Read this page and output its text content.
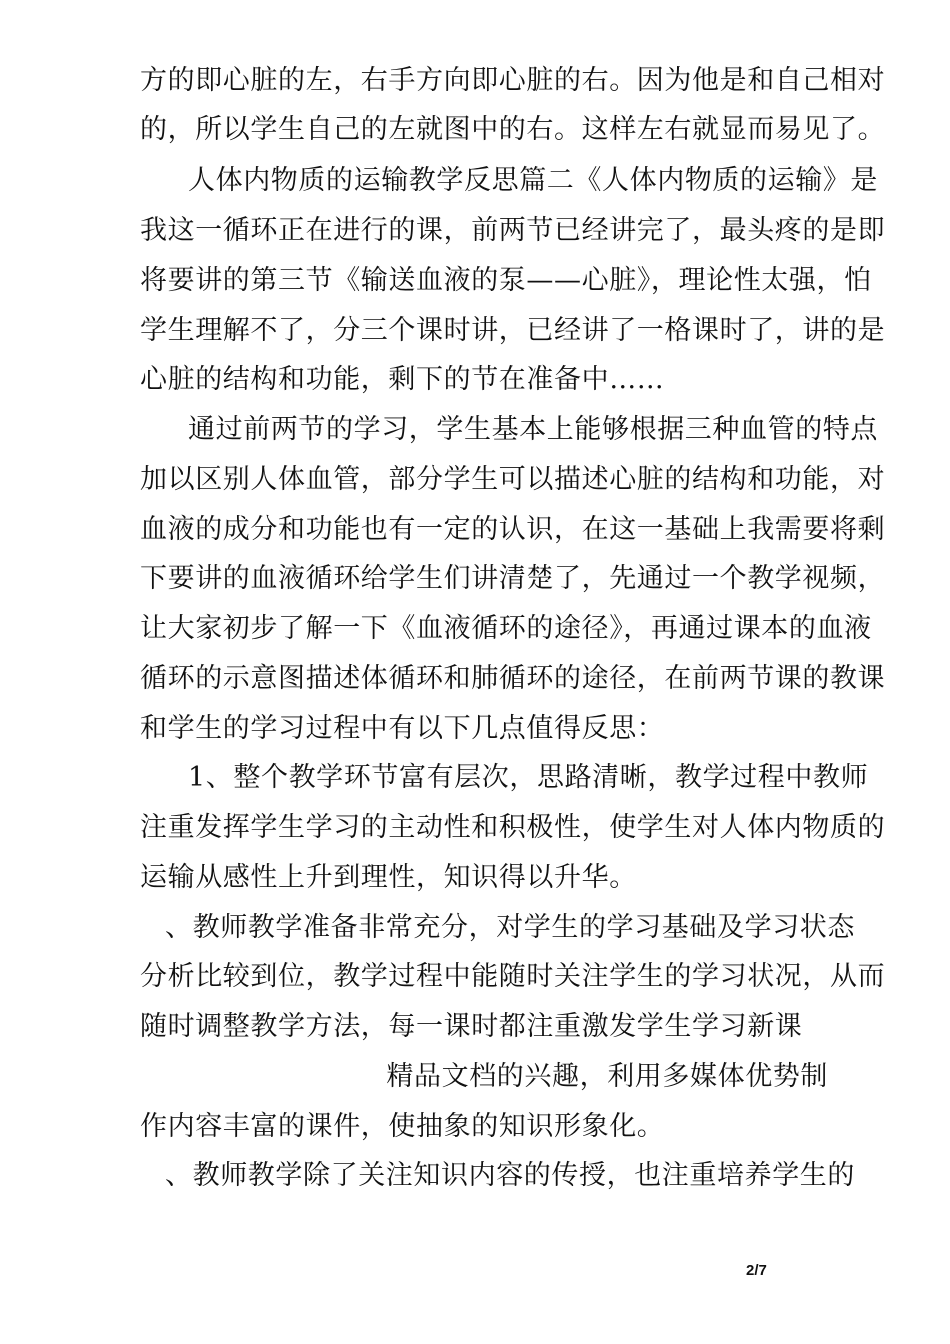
方的即心脏的左，右手方向即心脏的右。因为他是和自己相对
的，所以学生自己的左就图中的右。这样左右就显而易见了。
人体内物质的运输教学反思篇二《人体内物质的运输》是
我这一循环正在进行的课，前两节已经讲完了，最头疼的是即
将要讲的第三节《输送血液的泵——心脏》，理论性太强，怕
学生理解不了，分三个课时讲，已经讲了一格课时了，讲的是
心脏的结构和功能，剩下的节在准备中……
通过前两节的学习，学生基本上能够根据三种血管的特点
加以区别人体血管，部分学生可以描述心脏的结构和功能，对
血液的成分和功能也有一定的认识，在这一基础上我需要将剩
下要讲的血液循环给学生们讲清楚了，先通过一个教学视频，
让大家初步了解一下《血液循环的途径》，再通过课本的血液
循环的示意图描述体循环和肺循环的途径，在前两节课的教课
和学生的学习过程中有以下几点值得反思：
1、整个教学环节富有层次，思路清晰，教学过程中教师
注重发挥学生学习的主动性和积极性，使学生对人体内物质的
运输从感性上升到理性，知识得以升华。
、教师教学准备非常充分，对学生的学习基础及学习状态
分析比较到位，教学过程中能随时关注学生的学习状况，从而
随时调整教学方法，每一课时都注重激发学生学习新课
精品文档的兴趣，利用多媒体优势制
作内容丰富的课件，使抽象的知识形象化。
、教师教学除了关注知识内容的传授，也注重培养学生的
2/7
